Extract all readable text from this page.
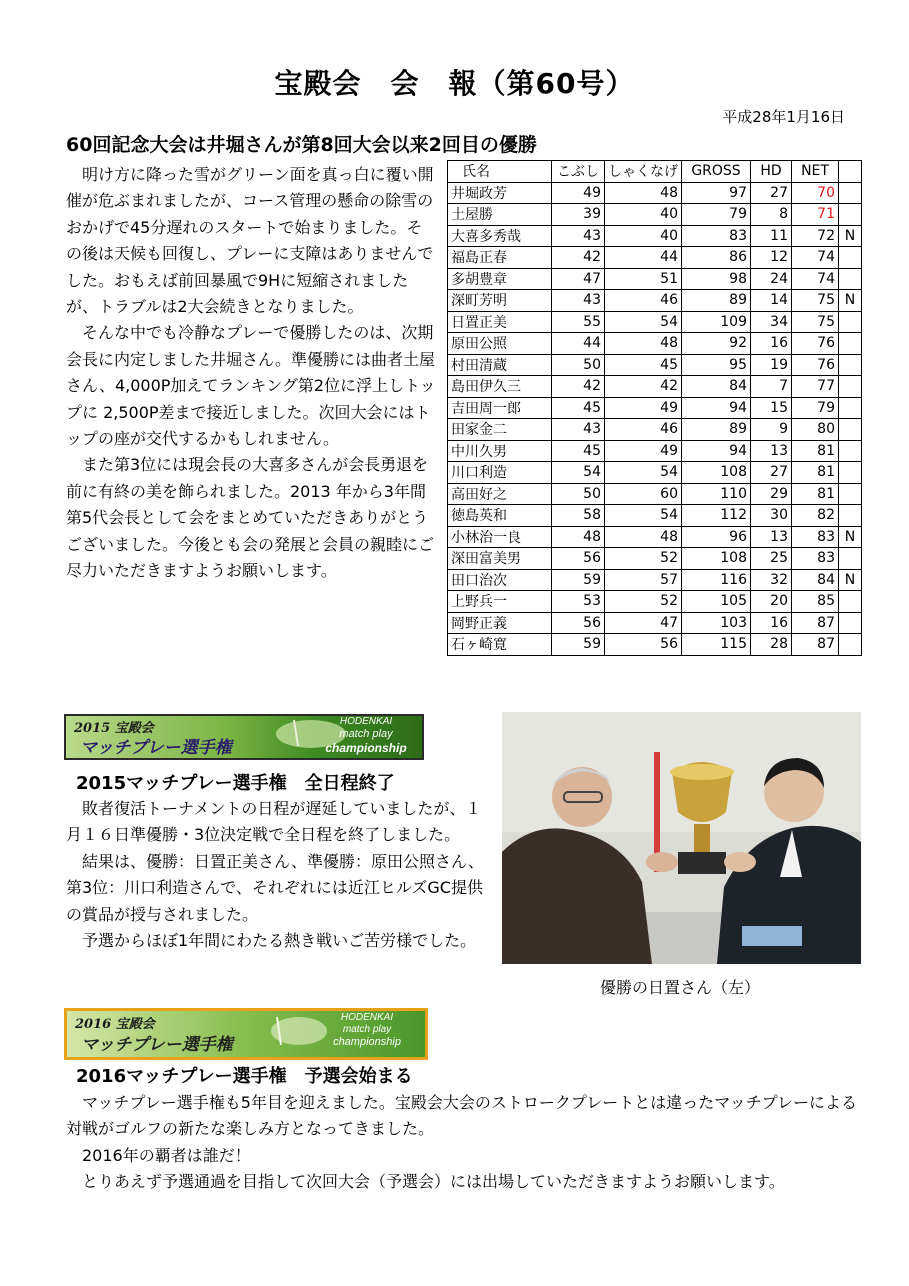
宝殿会　会　報（第60号）
平成28年1月16日
60回記念大会は井堀さんが第8回大会以来2回目の優勝

明け方に降った雪がグリーン面を真っ白に覆い開催が危ぶまれましたが、コース管理の懸命の除雪のおかげで45分遅れのスタートで始まりました。その後は天候も回復し、プレーに支障はありませんでした。おもえば前回暴風で9Hに短縮されましたが、トラブルは2大会続きとなりました。

そんな中でも冷静なプレーで優勝したのは、次期会長に内定しました井堀さん。準優勝には曲者土屋さん、4,000P加えてランキング第2位に浮上しトップに 2,500P差まで接近しました。次回大会にはトップの座が交代するかもしれません。

また第3位には現会長の大喜多さんが会長勇退を前に有終の美を飾られました。2013 年から3年間第5代会長として会をまとめていただきありがとうございました。今後とも会の発展と会員の親睦にご尽力いただきますようお願いします。

氏名	こぶし	しゃくなげ	GROSS	HD	NET	
井堀政芳	49	48	97	27	70	
土屋勝	39	40	79	8	71	
大喜多秀哉	43	40	83	11	72	N
福島正春	42	44	86	12	74	
多胡豊章	47	51	98	24	74	
深町芳明	43	46	89	14	75	N
日置正美	55	54	109	34	75	
原田公照	44	48	92	16	76	
村田清蔵	50	45	95	19	76	
島田伊久三	42	42	84	7	77	
吉田周一郎	45	49	94	15	79	
田家金二	43	46	89	9	80	
中川久男	45	49	94	13	81	
川口利造	54	54	108	27	81	
高田好之	50	60	110	29	81	
徳島英和	58	54	112	30	82	
小林治一良	48	48	96	13	83	N
深田富美男	56	52	108	25	83	
田口治次	59	57	116	32	84	N
上野兵一	53	52	105	20	85	
岡野正義	56	47	103	16	87	
石ヶ崎寛	59	56	115	28	87	
2015 宝殿会
マッチプレー選手権
HODENKAI
match play
championship
2015マッチプレー選手権　全日程終了

敗者復活トーナメントの日程が遅延していましたが、１月１６日準優勝・3位決定戦で全日程を終了しました。

結果は、優勝：日置正美さん、準優勝：原田公照さん、第3位：川口利造さんで、それぞれには近江ヒルズGC提供の賞品が授与されました。

予選からほぼ1年間にわたる熱き戦いご苦労様でした。

優勝の日置さん（左）
2016 宝殿会
マッチプレー選手権
HODENKAI
match play
championship
2016マッチプレー選手権　予選会始まる

マッチプレー選手権も5年目を迎えました。宝殿会大会のストロークプレートとは違ったマッチプレーによる対戦がゴルフの新たな楽しみ方となってきました。

2016年の覇者は誰だ！

とりあえず予選通過を目指して次回大会（予選会）には出場していただきますようお願いします。
